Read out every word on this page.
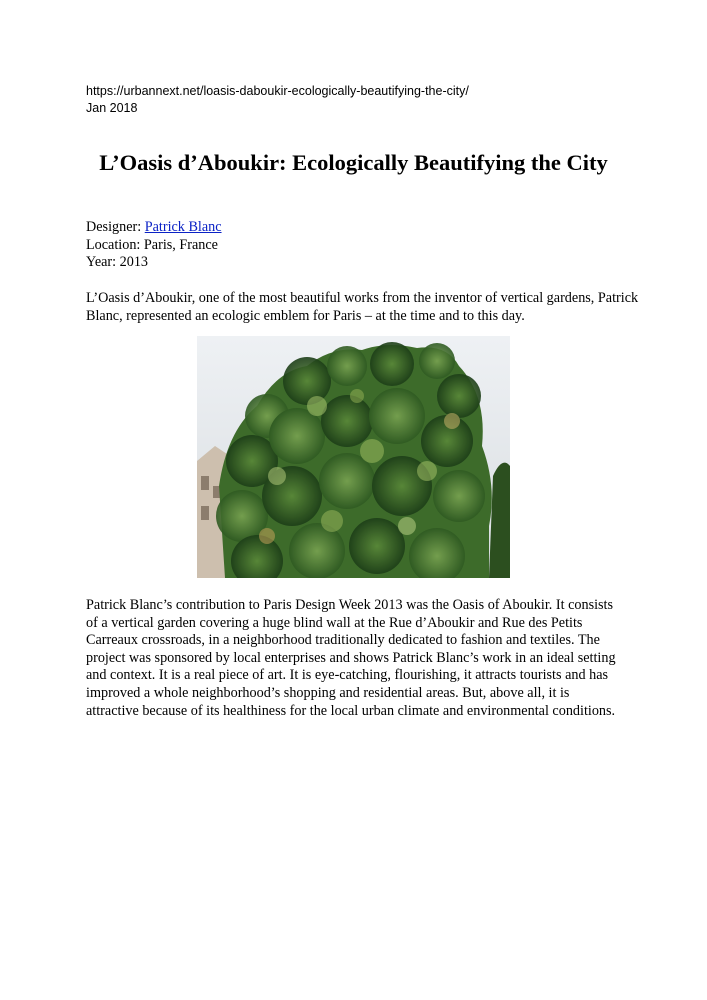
https://urbannext.net/loasis-daboukir-ecologically-beautifying-the-city/
Jan 2018
L’Oasis d’Aboukir: Ecologically Beautifying the City
Designer: Patrick Blanc
Location: Paris, France
Year: 2013

L’Oasis d’Aboukir, one of the most beautiful works from the inventor of vertical gardens, Patrick Blanc, represented an ecologic emblem for Paris – at the time and to this day.

Patrick Blanc’s contribution to Paris Design Week 2013 was the Oasis of Aboukir. It consists
of a vertical garden covering a huge blind wall at the Rue d’Aboukir and Rue des Petits
Carreaux crossroads, in a neighborhood traditionally dedicated to fashion and textiles. The
project was sponsored by local enterprises and shows Patrick Blanc’s work in an ideal setting
and context. It is a real piece of art. It is eye-catching, flourishing, it attracts tourists and has
improved a whole neighborhood’s shopping and residential areas. But, above all, it is
attractive because of its healthiness for the local urban climate and environmental conditions.
